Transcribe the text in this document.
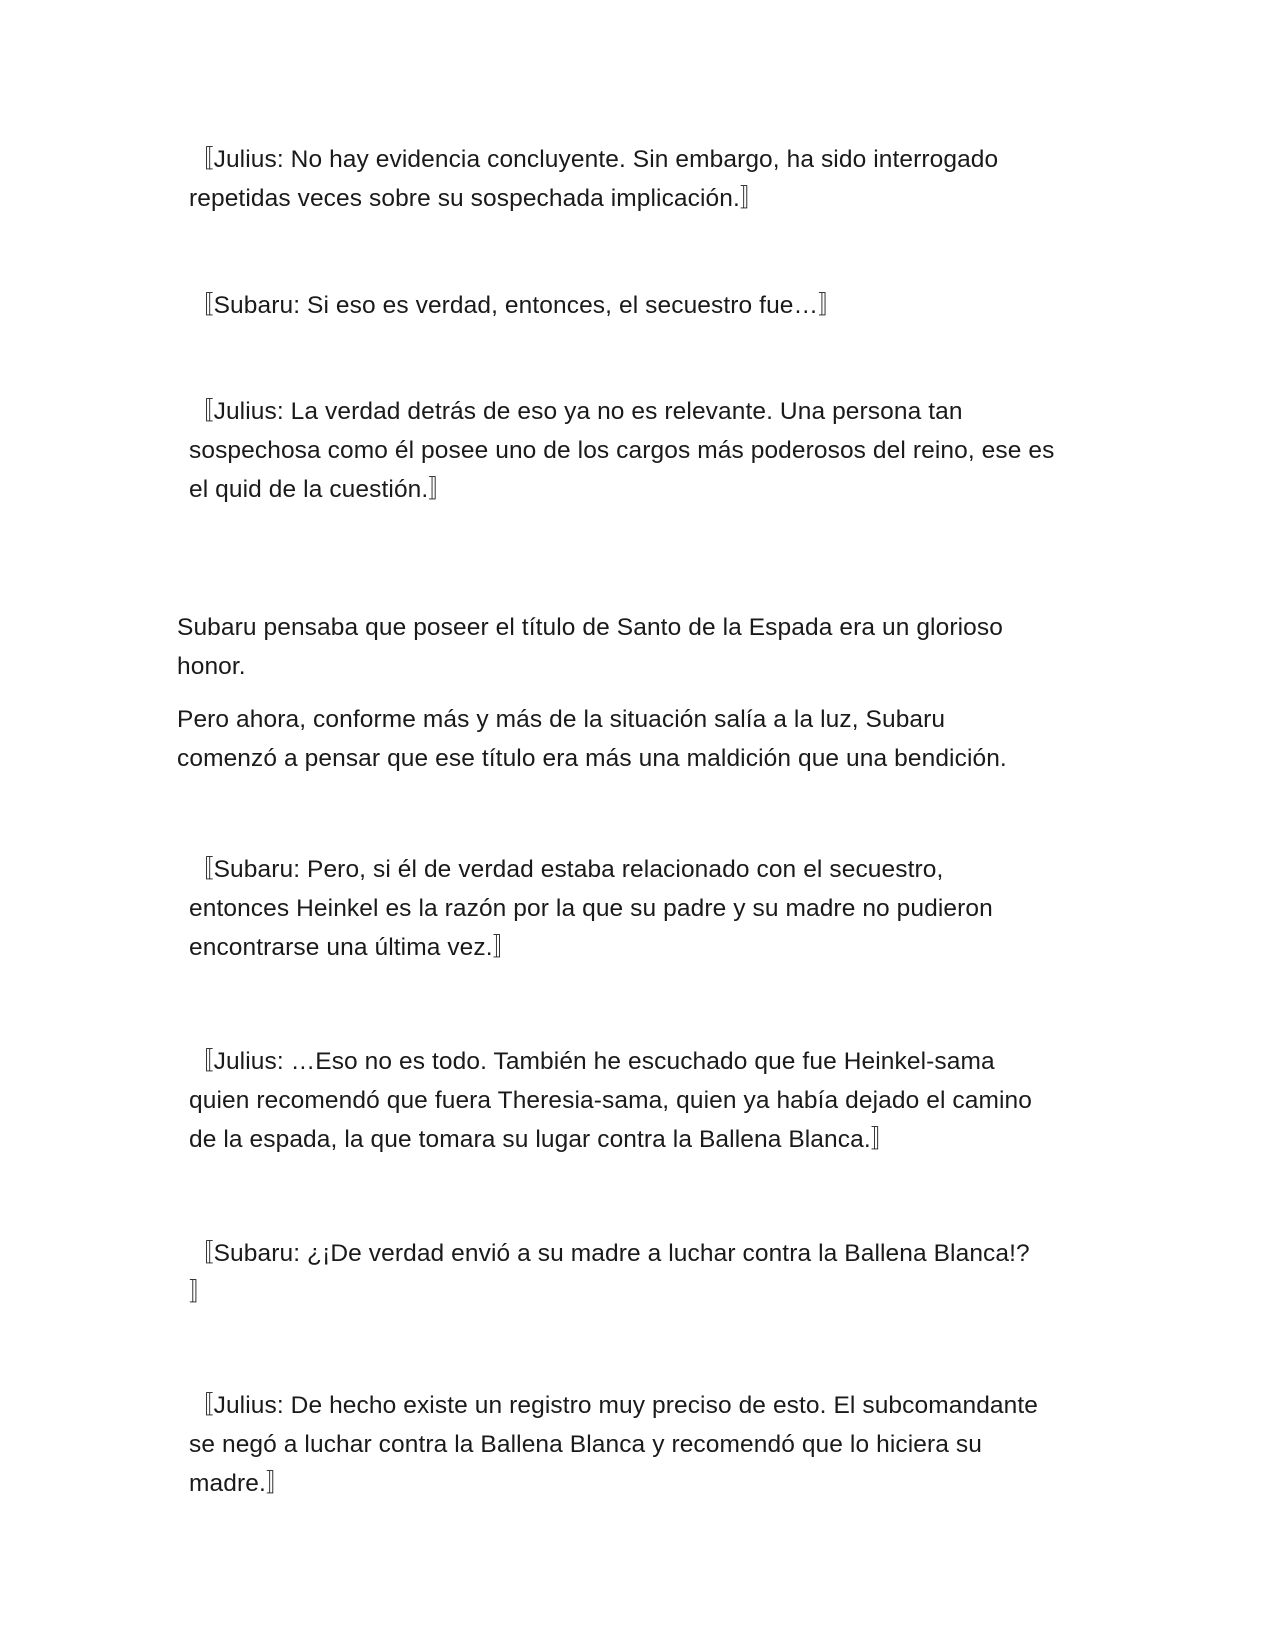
〚Julius: No hay evidencia concluyente. Sin embargo, ha sido interrogado
repetidas veces sobre su sospechada implicación.〛

〚Subaru: Si eso es verdad, entonces, el secuestro fue…〛

〚Julius: La verdad detrás de eso ya no es relevante. Una persona tan
sospechosa como él posee uno de los cargos más poderosos del reino, ese es
el quid de la cuestión.〛

Subaru pensaba que poseer el título de Santo de la Espada era un glorioso
honor.

Pero ahora, conforme más y más de la situación salía a la luz, Subaru
comenzó a pensar que ese título era más una maldición que una bendición.

〚Subaru: Pero, si él de verdad estaba relacionado con el secuestro,
entonces Heinkel es la razón por la que su padre y su madre no pudieron
encontrarse una última vez.〛

〚Julius: …Eso no es todo. También he escuchado que fue Heinkel-sama
quien recomendó que fuera Theresia-sama, quien ya había dejado el camino
de la espada, la que tomara su lugar contra la Ballena Blanca.〛

〚Subaru: ¿¡De verdad envió a su madre a luchar contra la Ballena Blanca!?
〛

〚Julius: De hecho existe un registro muy preciso de esto. El subcomandante
se negó a luchar contra la Ballena Blanca y recomendó que lo hiciera su
madre.〛
